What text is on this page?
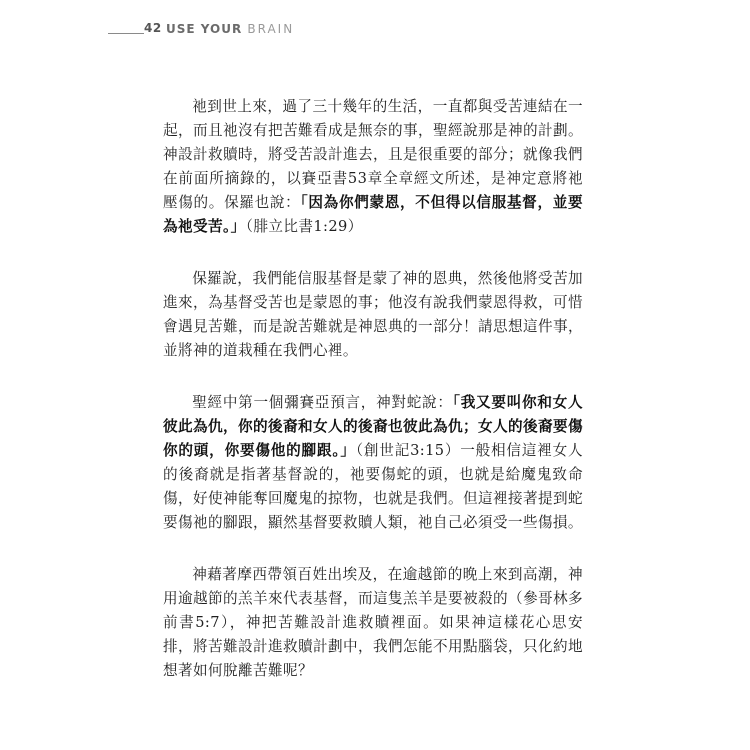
42 USE YOUR BRAIN

祂到世上來，過了三十幾年的生活，一直都與受苦連結在一起，而且祂沒有把苦難看成是無奈的事，聖經說那是神的計劃。神設計救贖時，將受苦設計進去，且是很重要的部分；就像我們在前面所摘錄的，以賽亞書53章全章經文所述，是神定意將祂壓傷的。保羅也說：「因為你們蒙恩，不但得以信服基督，並要為祂受苦。」（腓立比書1:29）

保羅說，我們能信服基督是蒙了神的恩典，然後他將受苦加進來，為基督受苦也是蒙恩的事；他沒有說我們蒙恩得救，可惜會遇見苦難，而是說苦難就是神恩典的一部分！請思想這件事，並將神的道栽種在我們心裡。

聖經中第一個彌賽亞預言，神對蛇說：「我又要叫你和女人彼此為仇，你的後裔和女人的後裔也彼此為仇；女人的後裔要傷你的頭，你要傷他的腳跟。」（創世記3:15）一般相信這裡女人的後裔就是指著基督說的，祂要傷蛇的頭，也就是給魔鬼致命傷，好使神能奪回魔鬼的掠物，也就是我們。但這裡接著提到蛇要傷祂的腳跟，顯然基督要救贖人類，祂自己必須受一些傷損。

神藉著摩西帶領百姓出埃及，在逾越節的晚上來到高潮，神用逾越節的羔羊來代表基督，而這隻羔羊是要被殺的（參哥林多前書5:7），神把苦難設計進救贖裡面。如果神這樣花心思安排，將苦難設計進救贖計劃中，我們怎能不用點腦袋，只化約地想著如何脫離苦難呢？
